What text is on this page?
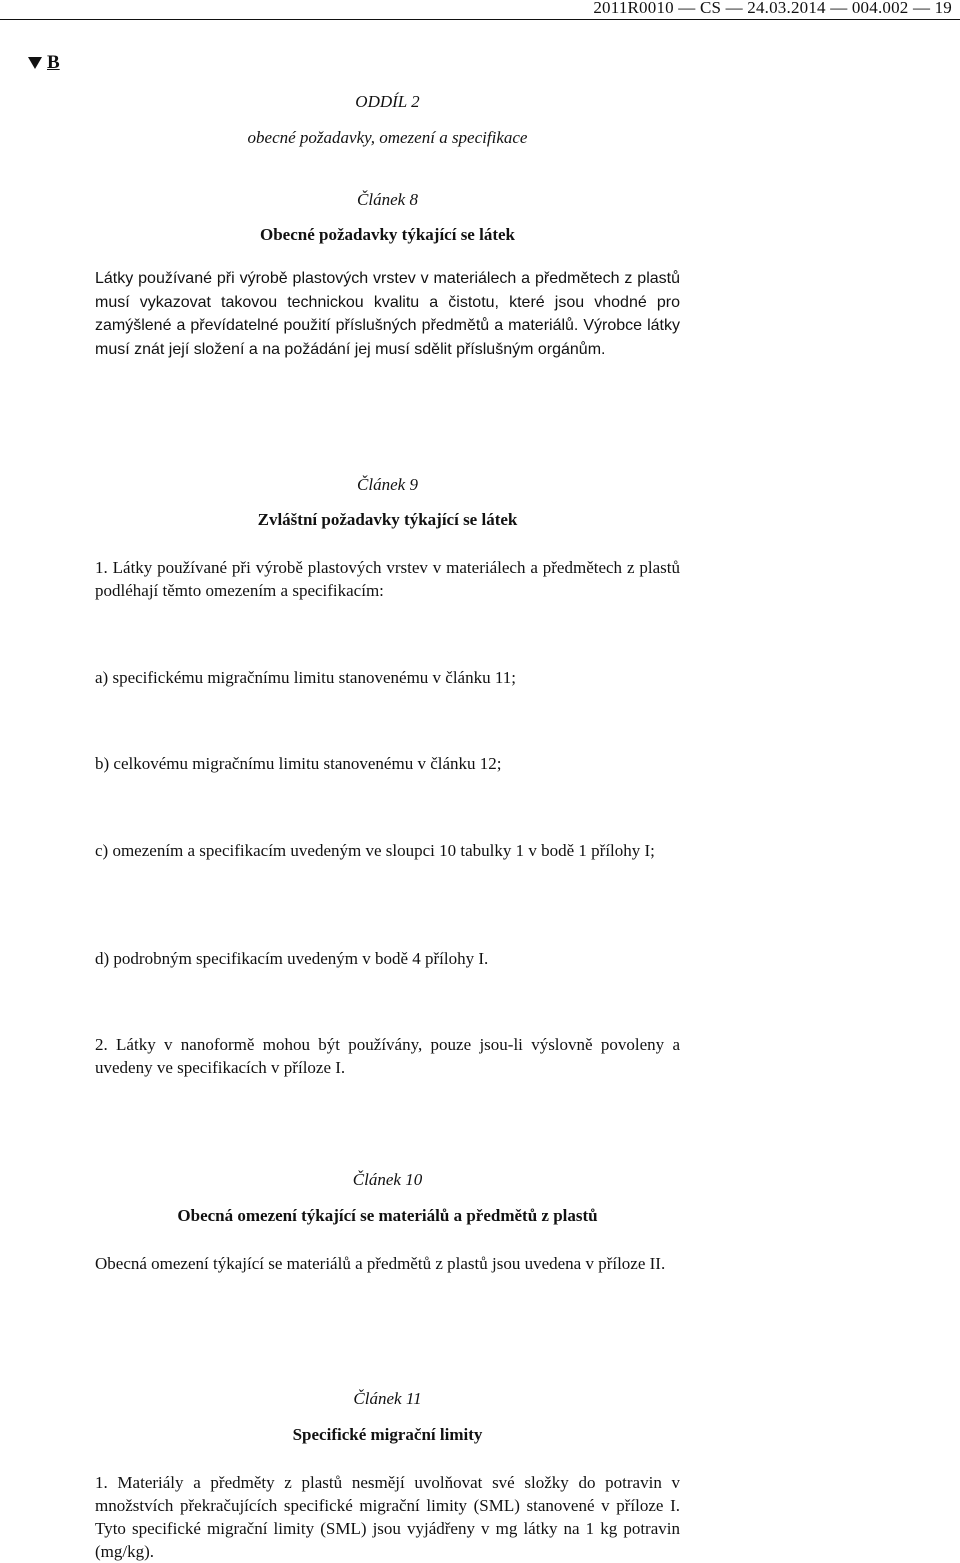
2011R0010 — CS — 24.03.2014 — 004.002 — 19
B
ODDÍL 2
obecné požadavky, omezení a specifikace
Článek 8
Obecné požadavky týkající se látek
Látky používané při výrobě plastových vrstev v materiálech a předmětech z plastů musí vykazovat takovou technickou kvalitu a čistotu, které jsou vhodné pro zamýšlené a převídatelné použití příslušných předmětů a materiálů. Výrobce látky musí znát její složení a na požádání jej musí sdělit příslušným orgánům.
Článek 9
Zvláštní požadavky týkající se látek
1. Látky používané při výrobě plastových vrstev v materiálech a předmětech z plastů podléhají těmto omezením a specifikacím:
a) specifickému migračnímu limitu stanovenému v článku 11;
b) celkovému migračnímu limitu stanovenému v článku 12;
c) omezením a specifikacím uvedeným ve sloupci 10 tabulky 1 v bodě 1 přílohy I;
d) podrobným specifikacím uvedeným v bodě 4 přílohy I.
2. Látky v nanoformě mohou být používány, pouze jsou-li výslovně povoleny a uvedeny ve specifikacích v příloze I.
Článek 10
Obecná omezení týkající se materiálů a předmětů z plastů
Obecná omezení týkající se materiálů a předmětů z plastů jsou uvedena v příloze II.
Článek 11
Specifické migrační limity
1. Materiály a předměty z plastů nesmějí uvolňovat své složky do potravin v množstvích překračujících specifické migrační limity (SML) stanovené v příloze I. Tyto specifické migrační limity (SML) jsou vyjádřeny v mg látky na 1 kg potravin (mg/kg).
